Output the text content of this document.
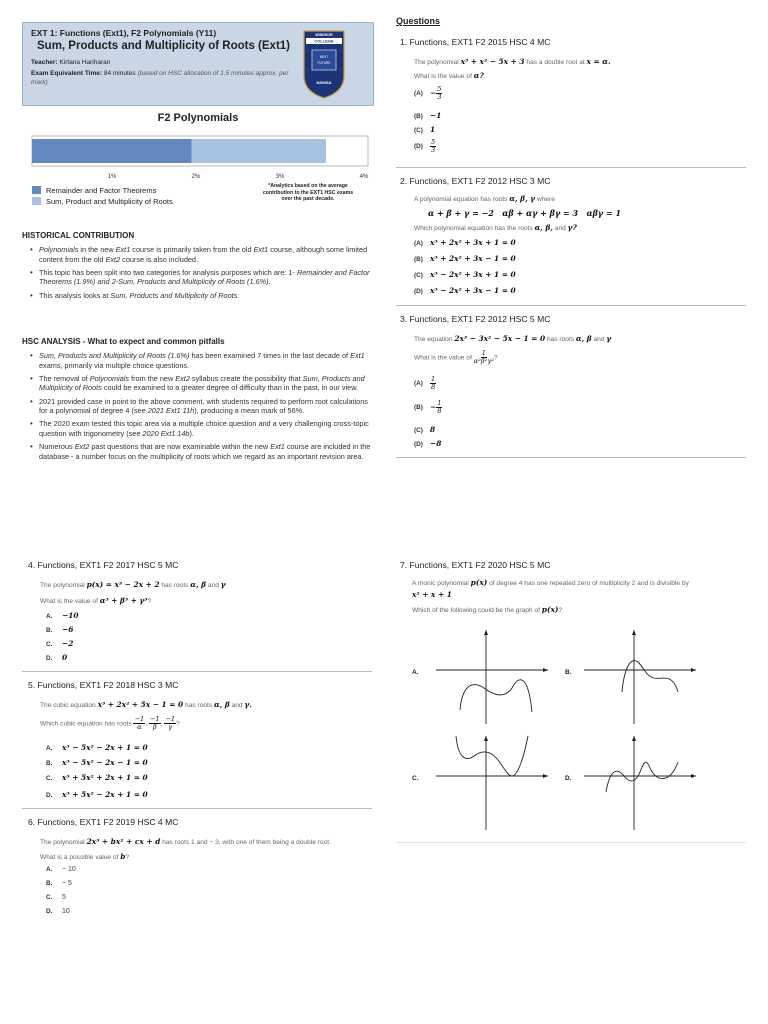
EXT 1: Functions (Ext1), F2 Polynomials (Y11)
Sum, Products and Multiplicity of Roots (Ext1)
Teacher: Kirtana Hariharan
Exam Equivalent Time: 84 minutes (based on HSC allocation of 1.5 minutes approx. per
mark)
WINDSOR
COLLEGE
NEXT
FUTURE
NSWSA
F2 Polynomials
1%	2%	3%	4%
Remainder and Factor Theorems
Sum, Product and Multiplicity of Roots
*Analytics based on the average contribution to the EXT1 HSC exams over the past decade.
HISTORICAL CONTRIBUTION
• Polynomials in the new Ext1 course is primarily taken from the old Ext1 course, although some limited content from the old Ext2 course is also included.
• This topic has been split into two categories for analysis purposes which are: 1- Remainder and Factor Theorems (1.9%) and 2-Sum, Products and Multiplicity of Roots (1.6%).
• This analysis looks at Sum, Products and Multiplicity of Roots.
HSC ANALYSIS - What to expect and common pitfalls
• Sum, Products and Multiplicity of Roots (1.6%) has been examined 7 times in the last decade of Ext1 exams, primarily via multiple choice questions.
• The removal of Polynomials from the new Ext2 syllabus create the possibility that Sum, Products and Multiplicity of Roots could be examined to a greater degree of difficulty than in the past, in our view.
• 2021 provided case in point to the above comment, with students required to perform root calculations for a polynomial of degree 4 (see 2021 Ext1 11h), producing a mean mark of 56%.
• The 2020 exam tested this topic area via a multiple choice question and a very challenging cross-topic question with trigonometry (see 2020 Ext1 14b).
• Numerous Ext2 past questions that are now examinable within the new Ext1 course are included in the database - a number focus on the multiplicity of roots which we regard as an important revision area.
Questions
1. Functions, EXT1 F2 2015 HSC 4 MC
The polynomial x³ + x² − 5x + 3 has a double root at x = α.
What is the value of α?
$(A) - \frac{5}{3}$
(B) −1
(C) 1
$(D) \frac{5}{3}$
2. Functions, EXT1 F2 2012 HSC 3 MC
A polynomial equation has roots α, β, γ where
α + β + γ = −2   αβ + αγ + βγ = 3   αβγ = 1
Which polynomial equation has the roots α, β, and γ?
(A) x³ + 2x² + 3x + 1 = 0
(B) x³ + 2x² + 3x − 1 = 0
(C) x³ − 2x² + 3x + 1 = 0
(D) x³ − 2x² + 3x − 1 = 0
3. Functions, EXT1 F2 2012 HSC 5 MC
The equation 2x³ − 3x² − 5x − 1 = 0 has roots α, β and γ
What is the value of $\frac{1}{\text{α²β²γ²}}$ ?
$(A) \frac{1}{8}$
$(B) - \frac{1}{8}$
(C) 8
(D) −8
4. Functions, EXT1 F2 2017 HSC 5 MC
The polynomial p(x) = x³ − 2x + 2 has roots α, β and γ
What is the value of α³ + β³ + γ³?
A. −10
B. −6
C. −2
D. 0
5. Functions, EXT1 F2 2018 HSC 3 MC
The cubic equation x³ + 2x² + 5x − 1 = 0 has roots α, β and γ.
Which cubic equation has roots $\frac{-1}{\alpha}$ , $\frac{-1}{\beta}$ , $\frac{-1}{\gamma}$ ?
A. x³ − 5x² − 2x + 1 = 0
B. x³ − 5x² − 2x − 1 = 0
C. x³ + 5x² + 2x + 1 = 0
D. x³ + 5x² − 2x + 1 = 0
6. Functions, EXT1 F2 2019 HSC 4 MC
The polynomial 2x³ + bx² + cx + d has roots 1 and − 3, with one of them being a double root.
What is a possible value of b?
A. − 10
B. − 5
C. 5
D. 10
7. Functions, EXT1 F2 2020 HSC 5 MC
A monic polynomial p(x) of degree 4 has one repeated zero of multiplicity 2 and is divisible by
x² + x + 1
Which of the following could be the graph of p(x)?
A.	B.
C.	D.
